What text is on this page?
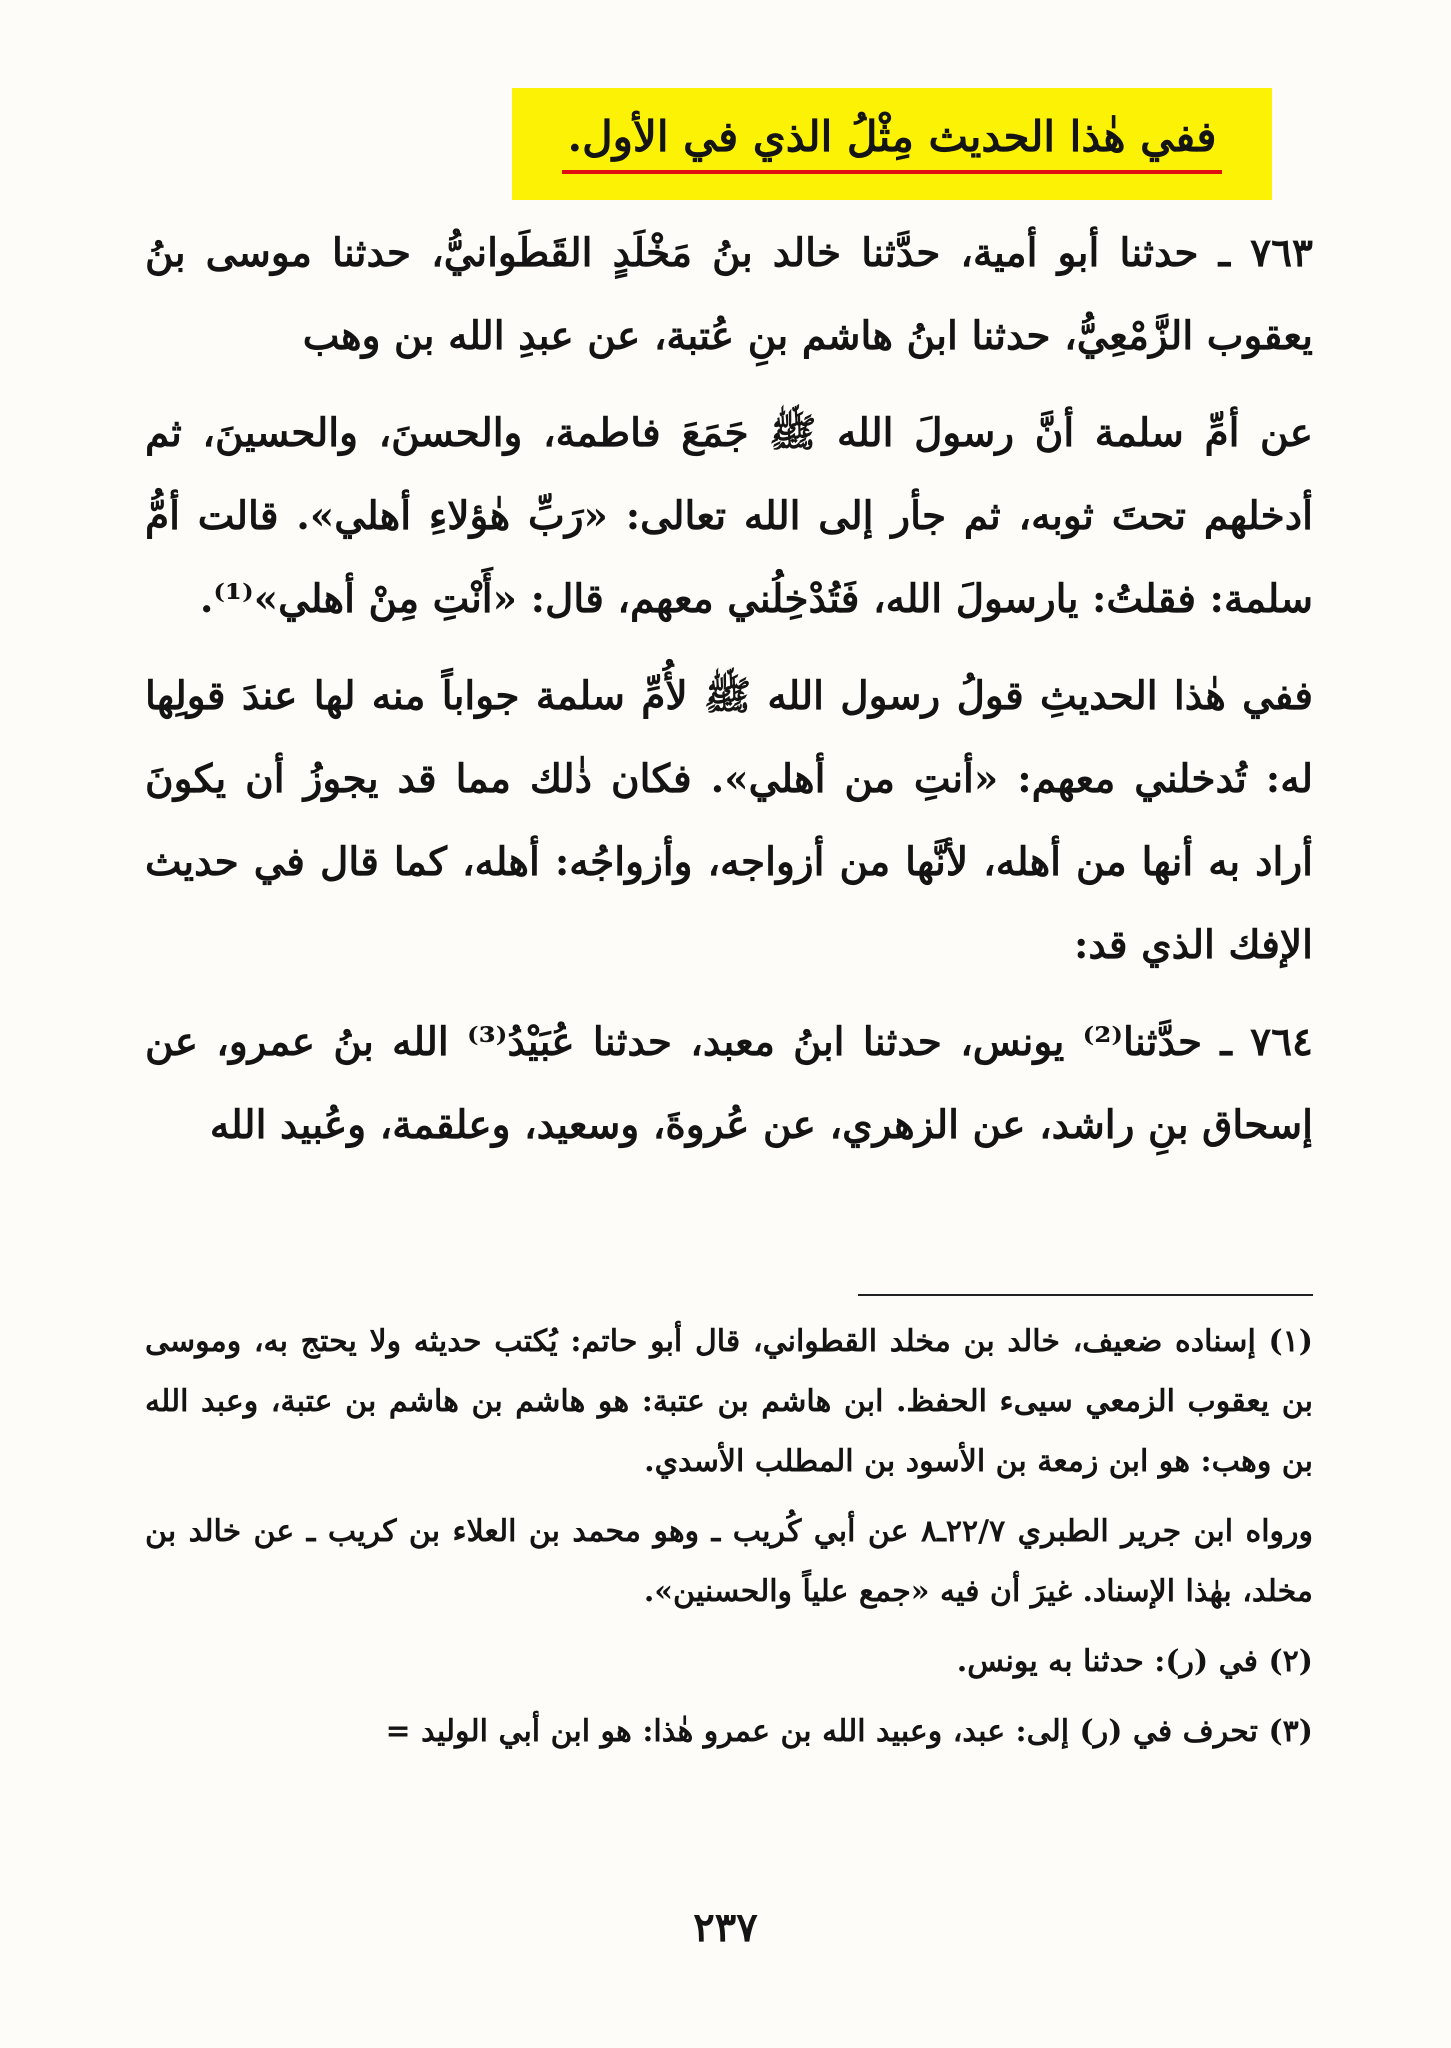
ففي هٰذا الحديث مِثْلُ الذي في الأول.

٧٦٣ ـ حدثنا أبو أمية، حدَّثنا خالد بنُ مَخْلَدٍ القَطَوانيُّ، حدثنا موسى بنُ يعقوب الزَّمْعِيُّ، حدثنا ابنُ هاشم بنِ عُتبة، عن عبدِ الله بن وهب

عن أمِّ سلمة أنَّ رسولَ الله ﷺ جَمَعَ فاطمة، والحسنَ، والحسينَ، ثم أدخلهم تحتَ ثوبه، ثم جأر إلى الله تعالى: «رَبِّ هٰؤلاءِ أهلي». قالت أمُّ سلمة: فقلتُ: يارسولَ الله، فَتُدْخِلُني معهم، قال: «أَنْتِ مِنْ أهلي»⁽¹⁾.

ففي هٰذا الحديثِ قولُ رسول الله ﷺ لأُمِّ سلمة جواباً منه لها عندَ قولِها له: تُدخلني معهم: «أنتِ من أهلي». فكان ذٰلك مما قد يجوزُ أن يكونَ أراد به أنها من أهله، لأنَّها من أزواجه، وأزواجُه: أهله، كما قال في حديث الإفك الذي قد:

٧٦٤ ـ حدَّثنا⁽²⁾ يونس، حدثنا ابنُ معبد، حدثنا عُبَيْدُ⁽³⁾ الله بنُ عمرو، عن إسحاق بنِ راشد، عن الزهري، عن عُروةَ، وسعيد، وعلقمة، وعُبيد الله

(١) إسناده ضعيف، خالد بن مخلد القطواني، قال أبو حاتم: يُكتب حديثه ولا يحتج به، وموسى بن يعقوب الزمعي سيىء الحفظ. ابن هاشم بن عتبة: هو هاشم بن هاشم بن عتبة، وعبد الله بن وهب: هو ابن زمعة بن الأسود بن المطلب الأسدي.

ورواه ابن جرير الطبري ٢٢/٧ـ٨ عن أبي كُريب ـ وهو محمد بن العلاء بن كريب ـ عن خالد بن مخلد، بهٰذا الإسناد. غيرَ أن فيه «جمع علياً والحسنين».

(٢) في (ر): حدثنا به يونس.

(٣) تحرف في (ر) إلى: عبد، وعبيد الله بن عمرو هٰذا: هو ابن أبي الوليد =

٢٣٧
